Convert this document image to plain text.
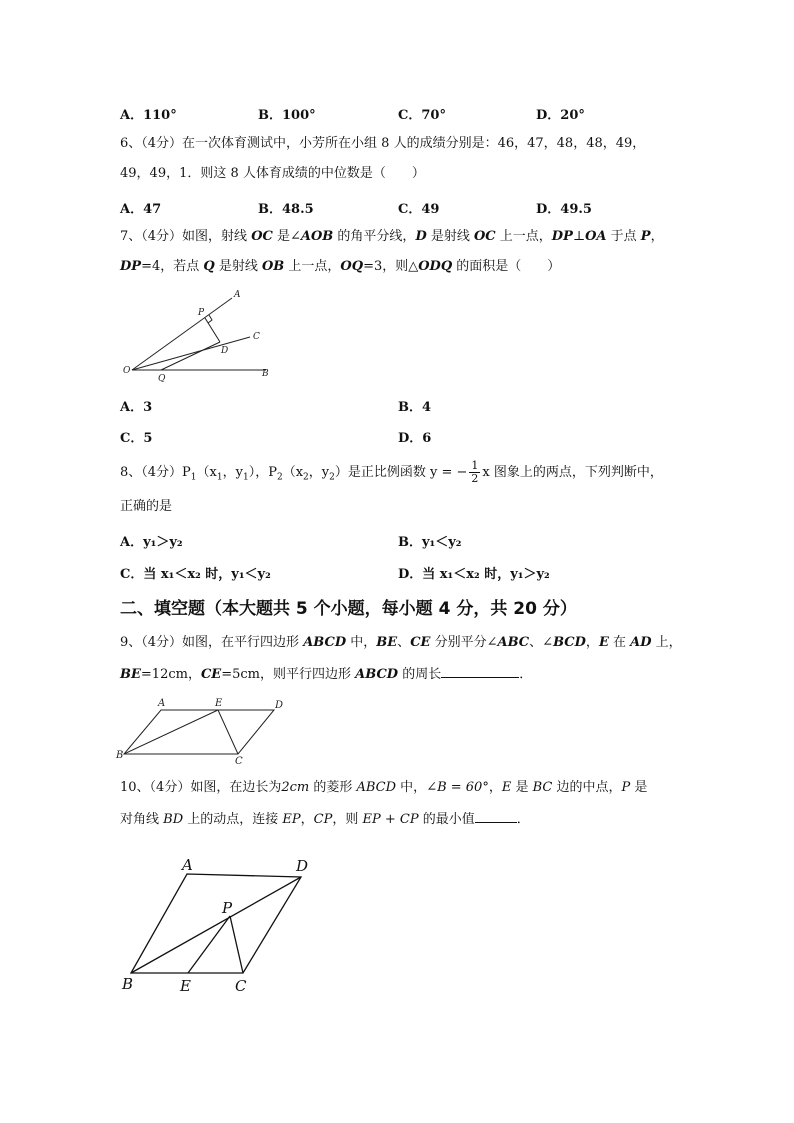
A．110°	B．100°	C．70°	D．20°
6、（4分）在一次体育测试中，小芳所在小组 8 人的成绩分别是：46，47，48，48，49，
49，49，1．则这 8 人体育成绩的中位数是（　　）
A．47	B．48.5	C．49	D．49.5
7、（4分）如图，射线 OC 是∠AOB 的角平分线，D 是射线 OC 上一点，DP⊥OA 于点 P，
DP=4，若点 Q 是射线 OB 上一点，OQ=3，则△ODQ 的面积是（　　）
A
P
C
D
O
Q	B
A．3	B．4
C．5	D．6
8、（4分）$P_1(x_1$，$y_1$），$P_2(x_2$，$y_2$）是正比例函数 y = − $\frac{1}{2}$ x 图象上的两点，下列判断中，
正确的是
A．y₁＞y₂	B．y₁＜y₂
C．当 x₁＜x₂ 时，y₁＜y₂	D．当 x₁＜x₂ 时，y₁＞y₂
二、填空题（本大题共 5 个小题，每小题 4 分，共 20 分）
9、（4分）如图，在平行四边形 ABCD 中，BE、CE 分别平分∠ABC、∠BCD，E 在 AD 上，
BE=12cm，CE=5cm，则平行四边形 ABCD 的周长	．
A	E	D
B
C
10、（4分）如图，在边长为2cm 的菱形 ABCD 中，∠B = 60°，E 是 BC 边的中点，P 是
对角线 BD 上的动点，连接 EP，CP，则 EP + CP 的最小值	．
A	D
P
B	E	C
